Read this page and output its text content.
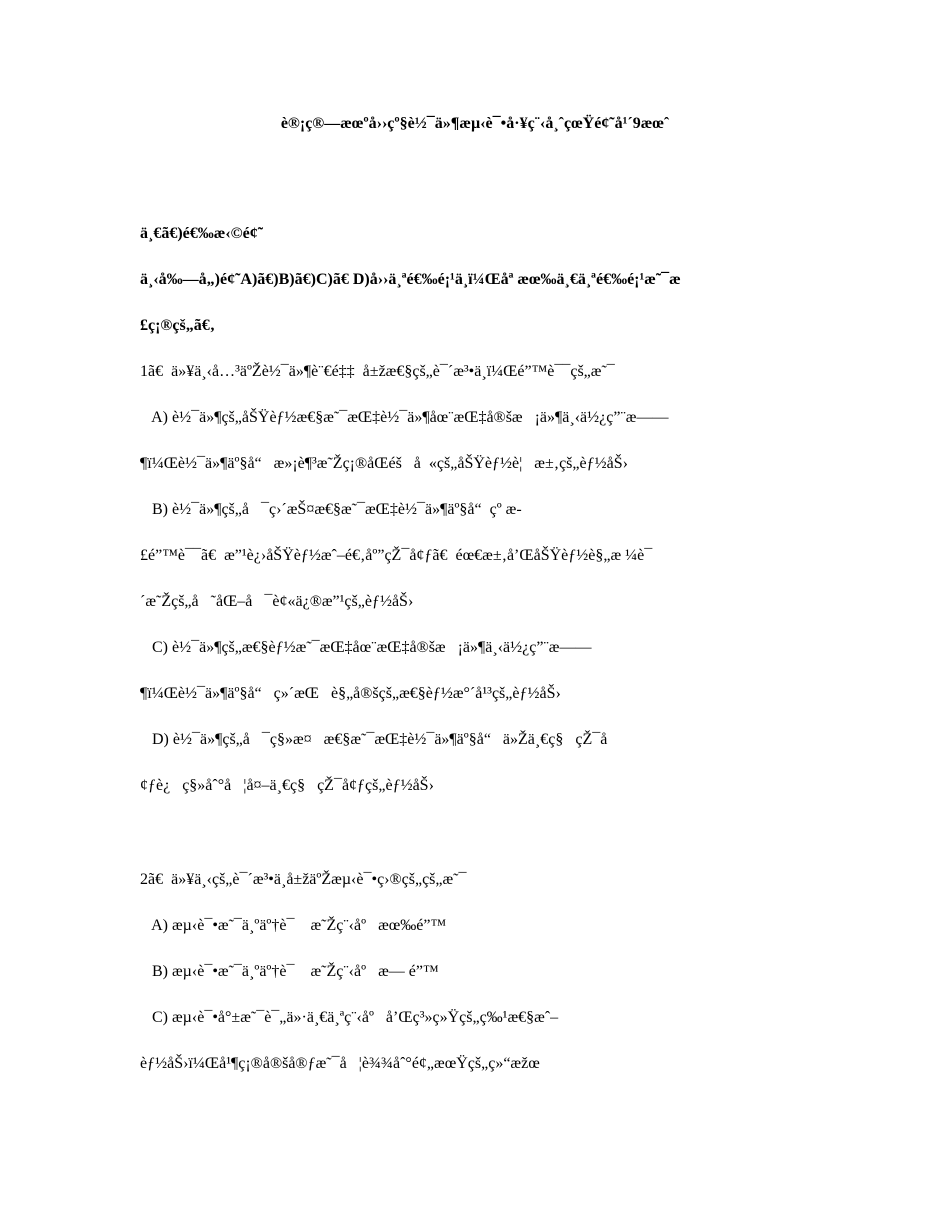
è®¡ç®—æœºå››çº§è½¯ä»¶æµ‹è¯•å·¥ç¨‹å¸ˆçœŸé¢˜å¹´9æœˆ
ä¸€ã€)é€‰æ‹©é¢˜
ä¸‹å‰—å„)é¢˜A)ã€)B)ã€)C)ã€ D)å››ä¸ªé€‰é¡¹ä¸ï¼Œåª æœ‰ä¸€ä¸ªé€‰é¡¹æ˜¯æ
£ç¡®çš„ã€‚
1ã€  ä»¥ä¸‹å…³äºŽè½¯ä»¶è¨€é‡‡  å±žæ€§çš„è¯´æ³•ä¸ï¼Œé”™è¯¯çš„æ˜¯
A) è½¯ä»¶çš„åŠŸèƒ½æ€§æ˜¯æŒ‡è½¯ä»¶åœ¨æŒ‡å®šæ   ¡ä»¶ä¸‹ä½¿ç”¨æ——
¶ï¼Œè½¯ä»¶äº§å“   æ»¡è¶³æ˜Žç¡®åŒéš   å  «çš„åŠŸèƒ½è¦   æ±‚çš„èƒ½åŠ›
B) è½¯ä»¶çš„å   ¯ç›´æŠ¤æ€§æ˜¯æŒ‡è½¯ä»¶äº§å“  çº æ-
£é”™è¯¯ã€  æ”¹è¿›åŠŸèƒ½æˆ–é€‚åº”çŽ¯å¢ƒã€  éœ€æ±‚å’ŒåŠŸèƒ½è§„æ ¼è¯
´æ˜Žçš„å   ˜åŒ–å   ¯è¢«ä¿®æ”¹çš„èƒ½åŠ›
C) è½¯ä»¶çš„æ€§èƒ½æ˜¯æŒ‡åœ¨æŒ‡å®šæ   ¡ä»¶ä¸‹ä½¿ç”¨æ——
¶ï¼Œè½¯ä»¶äº§å“   ç»´æŒ   è§„å®šçš„æ€§èƒ½æ°´å¹³çš„èƒ½åŠ›
D) è½¯ä»¶çš„å   ¯ç§»æ¤   æ€§æ˜¯æŒ‡è½¯ä»¶äº§å“   ä»Žä¸€ç§   çŽ¯å
¢ƒè¿   ç§»åˆ°å   ¦å¤–ä¸€ç§   çŽ¯å¢ƒçš„èƒ½åŠ›
2ã€  ä»¥ä¸‹çš„è¯´æ³•ä¸å±žäºŽæµ‹è¯•ç›®çš„çš„æ˜¯
A) æµ‹è¯•æ˜¯ä¸ºäº†è¯    æ˜Žç¨‹åº   æœ‰é”™
B) æµ‹è¯•æ˜¯ä¸ºäº†è¯    æ˜Žç¨‹åº   æ— é”™
C) æµ‹è¯•å°±æ˜¯è¯„ä»·ä¸€ä¸ªç¨‹åº   å’Œç³»ç»Ÿçš„ç‰¹æ€§æˆ–
èƒ½åŠ›ï¼Œå¹¶ç¡®å®šå®ƒæ˜¯å   ¦è¾¾åˆ°é¢„æœŸçš„ç»“æžœ
